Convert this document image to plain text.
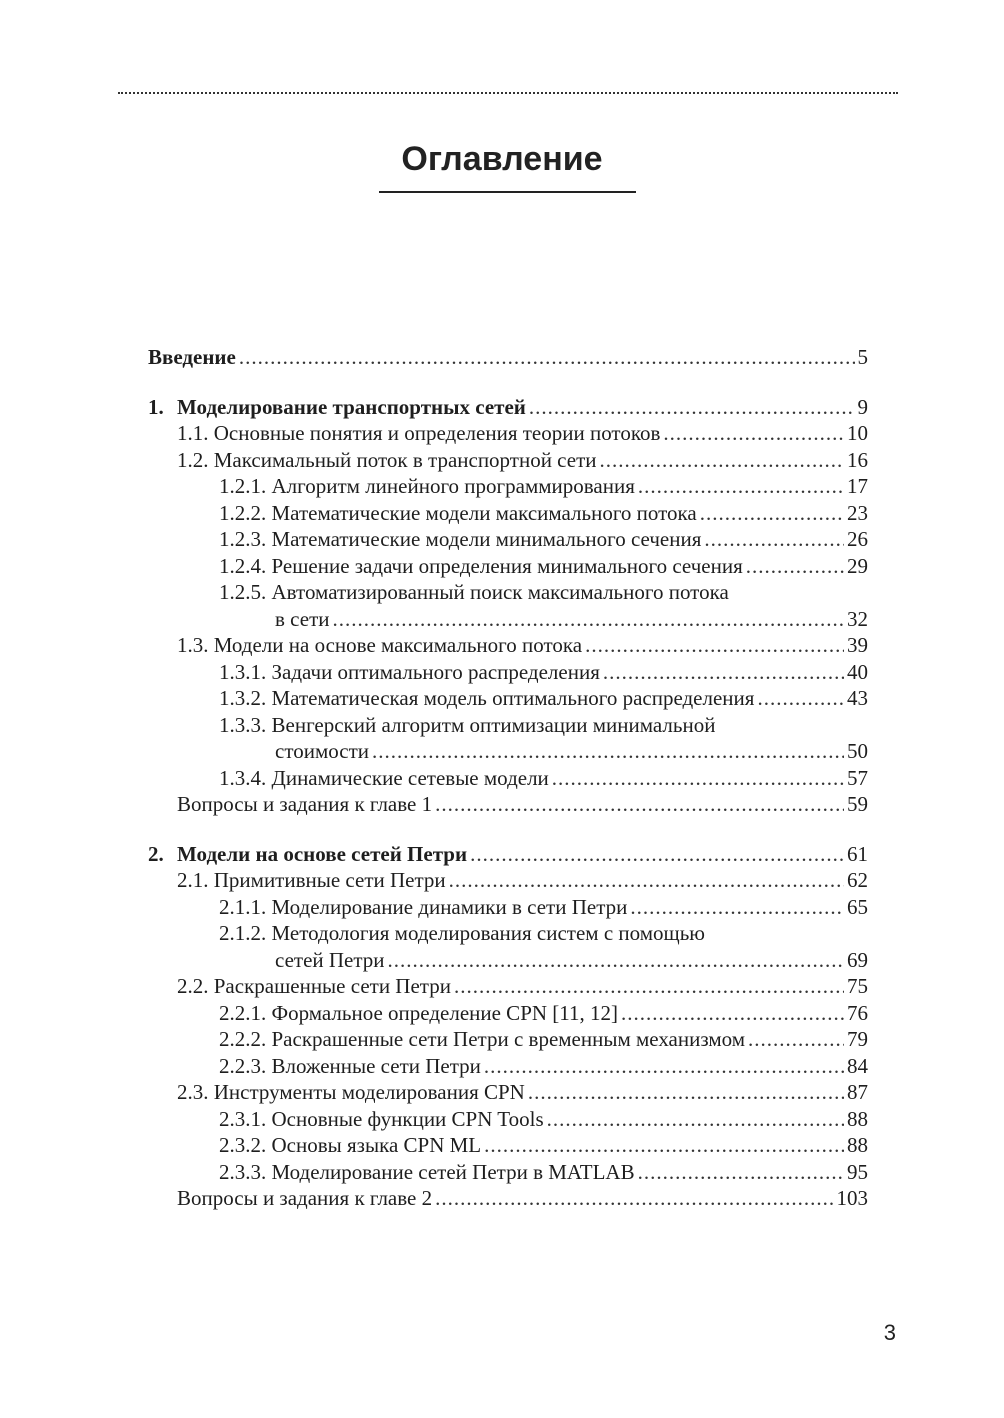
Оглавление
Введение .....	5
1. Моделирование транспортных сетей .....	9
1.1. Основные понятия и определения теории потоков .....	10
1.2. Максимальный поток в транспортной сети .....	16
1.2.1. Алгоритм линейного программирования .....	17
1.2.2. Математические модели максимального потока .....	23
1.2.3. Математические модели минимального сечения .....	26
1.2.4. Решение задачи определения минимального сечения .....	29
1.2.5. Автоматизированный поиск максимального потока
в сети .....	32
1.3. Модели на основе максимального потока .....	39
1.3.1. Задачи оптимального распределения .....	40
1.3.2. Математическая модель оптимального распределения .....	43
1.3.3. Венгерский алгоритм оптимизации минимальной
стоимости .....	50
1.3.4. Динамические сетевые модели .....	57
Вопросы и задания к главе 1 .....	59
2. Модели на основе сетей Петри .....	61
2.1. Примитивные сети Петри .....	62
2.1.1. Моделирование динамики в сети Петри .....	65
2.1.2. Методология моделирования систем с помощью
сетей Петри .....	69
2.2. Раскрашенные сети Петри .....	75
2.2.1. Формальное определение CPN [11, 12] .....	76
2.2.2. Раскрашенные сети Петри с временным механизмом .....	79
2.2.3. Вложенные сети Петри .....	84
2.3. Инструменты моделирования CPN .....	87
2.3.1. Основные функции CPN Tools .....	88
2.3.2. Основы языка CPN ML .....	88
2.3.3. Моделирование сетей Петри в MATLAB .....	95
Вопросы и задания к главе 2 .....	103
3
